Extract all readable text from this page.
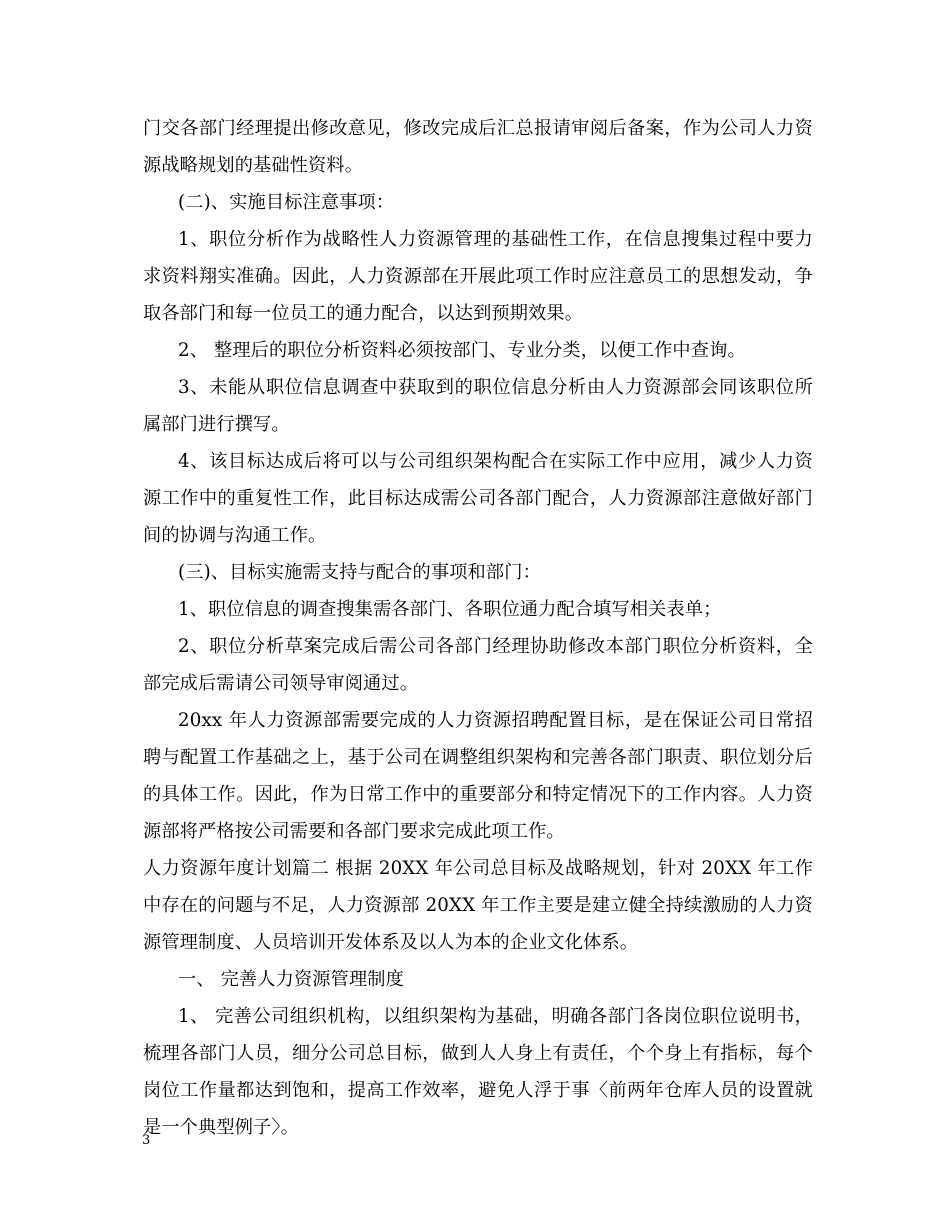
门交各部门经理提出修改意见，修改完成后汇总报请审阅后备案，作为公司人力资
源战略规划的基础性资料。
(二)、实施目标注意事项：
1、职位分析作为战略性人力资源管理的基础性工作，在信息搜集过程中要力
求资料翔实准确。因此，人力资源部在开展此项工作时应注意员工的思想发动，争
取各部门和每一位员工的通力配合，以达到预期效果。
2、 整理后的职位分析资料必须按部门、专业分类，以便工作中查询。
3、未能从职位信息调查中获取到的职位信息分析由人力资源部会同该职位所
属部门进行撰写。
4、该目标达成后将可以与公司组织架构配合在实际工作中应用，减少人力资
源工作中的重复性工作，此目标达成需公司各部门配合，人力资源部注意做好部门
间的协调与沟通工作。
(三)、目标实施需支持与配合的事项和部门：
1、职位信息的调查搜集需各部门、各职位通力配合填写相关表单；
2、职位分析草案完成后需公司各部门经理协助修改本部门职位分析资料，全
部完成后需请公司领导审阅通过。
20xx 年人力资源部需要完成的人力资源招聘配置目标，是在保证公司日常招
聘与配置工作基础之上，基于公司在调整组织架构和完善各部门职责、职位划分后
的具体工作。因此，作为日常工作中的重要部分和特定情况下的工作内容。人力资
源部将严格按公司需要和各部门要求完成此项工作。
人力资源年度计划篇二 根据 20XX 年公司总目标及战略规划，针对 20XX 年工作
中存在的问题与不足，人力资源部 20XX 年工作主要是建立健全持续激励的人力资
源管理制度、人员培训开发体系及以人为本的企业文化体系。
一、 完善人力资源管理制度
1、 完善公司组织机构，以组织架构为基础，明确各部门各岗位职位说明书，
梳理各部门人员，细分公司总目标，做到人人身上有责任，个个身上有指标，每个
岗位工作量都达到饱和，提高工作效率，避免人浮于事〈前两年仓库人员的设置就
是一个典型例子〉。
3
